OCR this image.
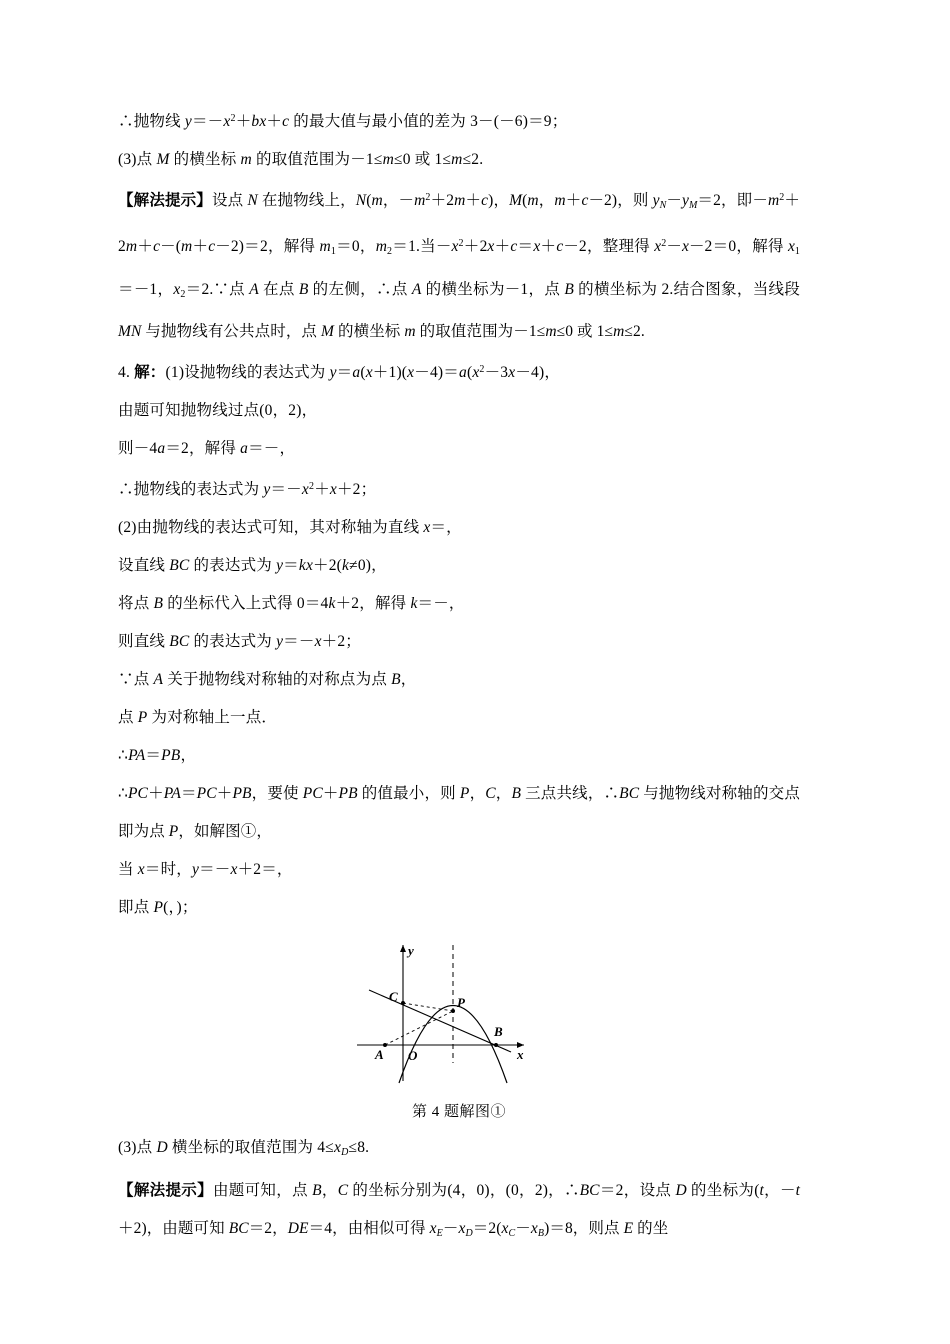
∴抛物线 $y=-x^2+bx+c$ 的最大值与最小值的差为 3－(－6)＝9；
(3)点 M 的横坐标 m 的取值范围为－1≤m≤0 或 1≤m≤2.
【解法提示】设点 N 在抛物线上，N(m，$-m^2+2m+c$)，M(m，m＋c－2)，则 $y_N-y_M=2$，即$-m^2+2m+c-(m+c-2)=2$，解得 $m_1=0$，$m_2=1$.当$-x^2+2x+c=x+c-2$，整理得 $x^2-x-2=0$，解得 $x_1=-1$，$x_2=2.\because$点 A 在点 B 的左侧，∴点 A 的横坐标为－1，点 B 的横坐标为 2.结合图象，当线段 MN 与抛物线有公共点时，点 M 的横坐标 m 的取值范围为－1≤m≤0 或 1≤m≤2.
4. 解：(1)设抛物线的表达式为 $y=a(x+1)(x-4)=a(x^2-3x-4)$，
由题可知抛物线过点(0，2)，
则－4a＝2，解得 a＝－，
∴抛物线的表达式为 $y=-x^2+x+2$；
(2)由抛物线的表达式可知，其对称轴为直线 x＝，
设直线 BC 的表达式为 y＝kx＋2(k≠0)，
将点 B 的坐标代入上式得 0＝4k＋2，解得 k＝－，
则直线 BC 的表达式为 y＝－x＋2；
∵点 A 关于抛物线对称轴的对称点为点 B，
点 P 为对称轴上一点．
∴PA＝PB，
∴PC＋PA＝PC＋PB，要使 PC＋PB 的值最小，则 P，C，B 三点共线，∴BC 与抛物线对称轴的交点即为点 P，如解图①，
当 x＝时，y＝－x＋2＝，
即点 P(，)；
C	P
B
A O	x
y
第 4 题解图①
(3)点 D 横坐标的取值范围为 $4\le x_D\le 8$.
【解法提示】由题可知，点 B，C 的坐标分别为(4，0)，(0，2)，∴BC＝2，设点 D 的坐标为(t，－t＋2)，由题可知 BC＝2，DE＝4，由相似可得 $x_E-x_D=2(x_C-x_B)=8$，则点 E 的坐
